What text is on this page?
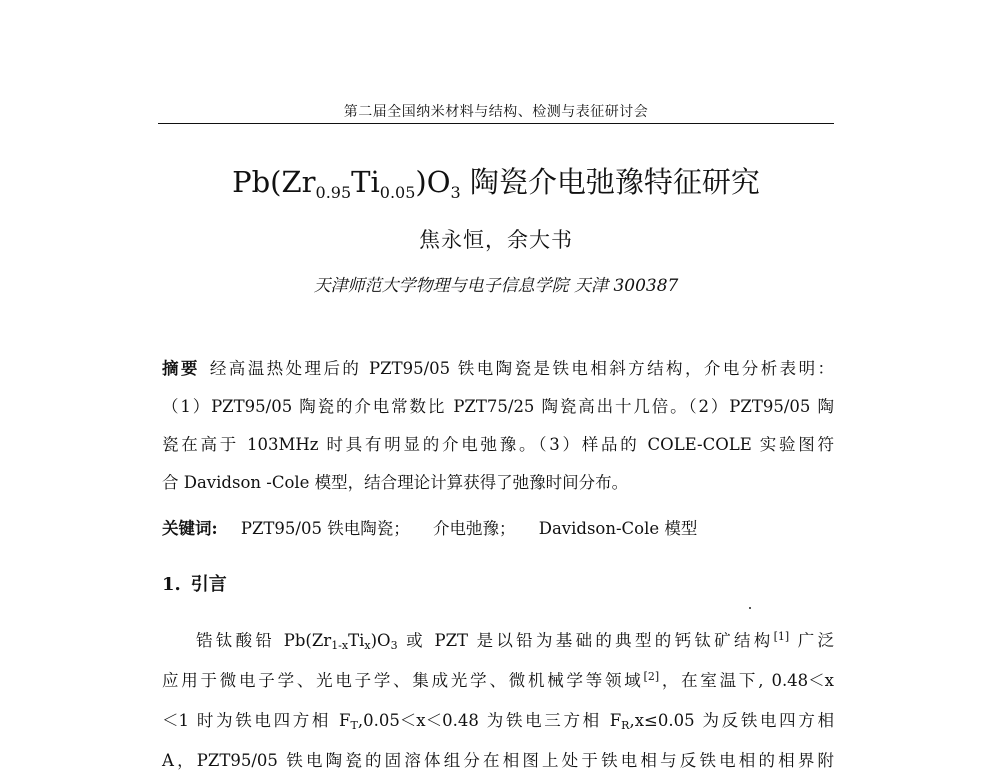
第二届全国纳米材料与结构、检测与表征研讨会
$Pb(Zr_{0.95}Ti_{0.05})O_3$ 陶瓷介电弛豫特征研究
焦永恒，余大书
天津师范大学物理与电子信息学院 天津 300387
摘要 经高温热处理后的 PZT95/05 铁电陶瓷是铁电相斜方结构，介电分析表明：
（1）PZT95/05 陶瓷的介电常数比 PZT75/25 陶瓷高出十几倍。（2）PZT95/05 陶
瓷在高于 103MHz 时具有明显的介电弛豫。（3）样品的 COLE-COLE 实验图符
合 Davidson -Cole 模型，结合理论计算获得了弛豫时间分布。
关键词: PZT95/05 铁电陶瓷； 介电弛豫； Davidson-Cole 模型
1. 引言
锆钛酸铅 $Pb(Zr_{1-x}Ti_x)O_3$ 或 PZT 是以铅为基础的典型的钙钛矿结构[1] 广泛
应用于微电子学、光电子学、集成光学、微机械学等领域[2]，在室温下, 0.48＜x
＜1 时为铁电四方相 $F_T,0.05<x<0.48$ 为铁电三方相 $F_R,x\le 0.05$ 为反铁电四方相
A，PZT95/05 铁电陶瓷的固溶体组分在相图上处于铁电相与反铁电相的相界附
